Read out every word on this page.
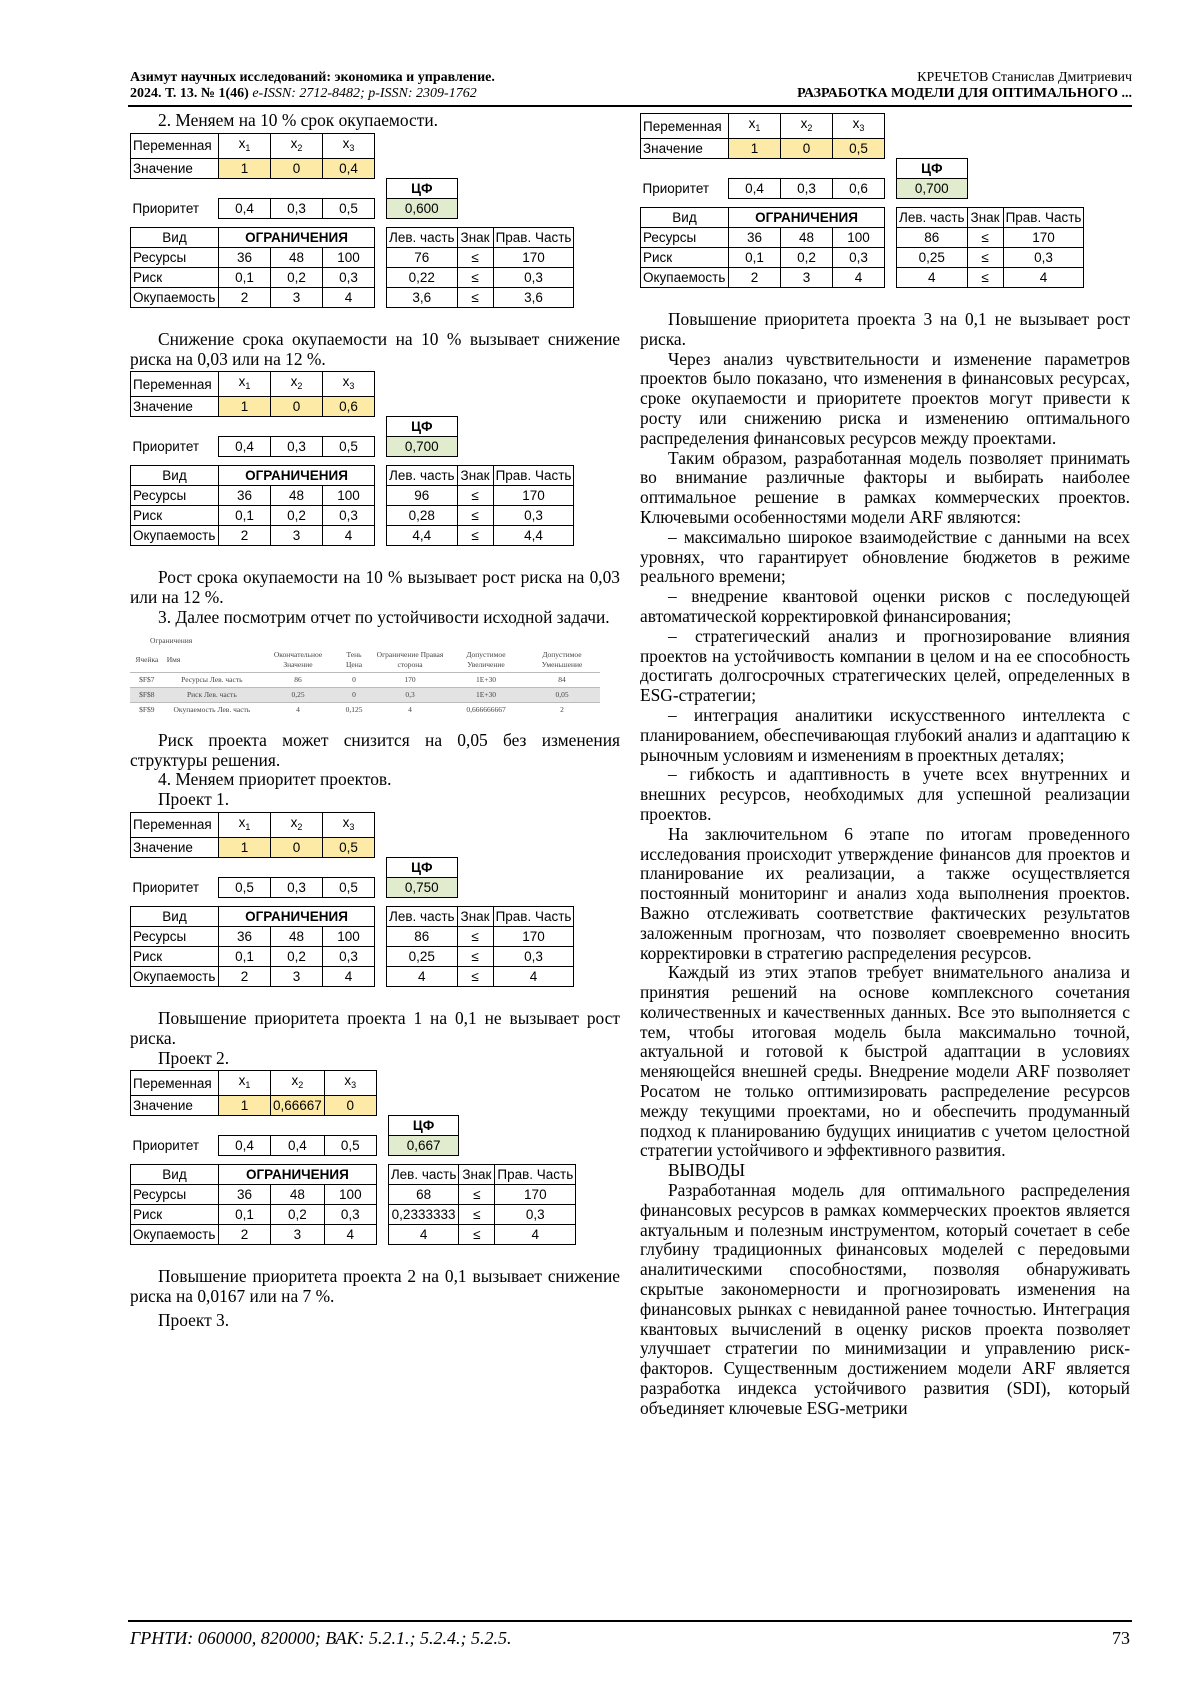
Азимут научных исследований: экономика и управление.
2024. Т. 13. № 1(46) e-ISSN: 2712-8482; p-ISSN: 2309-1762
КРЕЧЕТОВ Станислав Дмитриевич
РАЗРАБОТКА МОДЕЛИ ДЛЯ ОПТИМАЛЬНОГО ...

2. Меняем на 10 % срок окупаемости.

Переменная	$x_1$	$x_2$	$x_3$				
Значение	1	0	0,4				
					ЦФ		
Приоритет	0,4	0,3	0,5		0,600		

Вид	ОГРАНИЧЕНИЯ				Лев. часть	Знак	Прав. Часть
Ресурсы	36	48	100		76	≤	170
Риск	0,1	0,2	0,3		0,22	≤	0,3
Окупаемость	2	3	4		3,6	≤	3,6

Снижение срока окупаемости на 10 % вызывает снижение риска на 0,03 или на 12 %.

Переменная	$x_1$	$x_2$	$x_3$				
Значение	1	0	0,6				
					ЦФ		
Приоритет	0,4	0,3	0,5		0,700		

Вид	ОГРАНИЧЕНИЯ				Лев. часть	Знак	Прав. Часть
Ресурсы	36	48	100		96	≤	170
Риск	0,1	0,2	0,3		0,28	≤	0,3
Окупаемость	2	3	4		4,4	≤	4,4

Рост срока окупаемости на 10 % вызывает рост риска на 0,03 или на 12 %.

3. Далее посмотрим отчет по устойчивости исходной задачи.

Ограничения						
Ячейка	Имя	Окончательное Значение	Тень Цена	Ограничение Правая сторона	Допустимое Увеличение	Допустимое Уменьшение
$F$7	Ресурсы Лев. часть	86	0	170	1E+30	84
$F$8	Риск Лев. часть	0,25	0	0,3	1E+30	0,05
$F$9	Окупаемость Лев. часть	4	0,125	4	0,666666667	2

Риск проекта может снизится на 0,05 без изменения структуры решения.

4. Меняем приоритет проектов.

Проект 1.

Переменная	$x_1$	$x_2$	$x_3$				
Значение	1	0	0,5				
					ЦФ		
Приоритет	0,5	0,3	0,5		0,750		

Вид	ОГРАНИЧЕНИЯ				Лев. часть	Знак	Прав. Часть
Ресурсы	36	48	100		86	≤	170
Риск	0,1	0,2	0,3		0,25	≤	0,3
Окупаемость	2	3	4		4	≤	4

Повышение приоритета проекта 1 на 0,1 не вызывает рост риска.

Проект 2.

Переменная	$x_1$	$x_2$	$x_3$				
Значение	1	0,66667	0				
					ЦФ		
Приоритет	0,4	0,4	0,5		0,667		

Вид	ОГРАНИЧЕНИЯ				Лев. часть	Знак	Прав. Часть
Ресурсы	36	48	100		68	≤	170
Риск	0,1	0,2	0,3		0,2333333	≤	0,3
Окупаемость	2	3	4		4	≤	4

Повышение приоритета проекта 2 на 0,1 вызывает снижение риска на 0,0167 или на 7 %.

Проект 3.

Переменная	$x_1$	$x_2$	$x_3$				
Значение	1	0	0,5				
					ЦФ		
Приоритет	0,4	0,3	0,6		0,700		

Вид	ОГРАНИЧЕНИЯ				Лев. часть	Знак	Прав. Часть
Ресурсы	36	48	100		86	≤	170
Риск	0,1	0,2	0,3		0,25	≤	0,3
Окупаемость	2	3	4		4	≤	4

Повышение приоритета проекта 3 на 0,1 не вызывает рост риска.

Через анализ чувствительности и изменение параметров проектов было показано, что изменения в финансовых ресурсах, сроке окупаемости и приоритете проектов могут привести к росту или снижению риска и изменению оптимального распределения финансовых ресурсов между проектами.

Таким образом, разработанная модель позволяет принимать во внимание различные факторы и выбирать наиболее оптимальное решение в рамках коммерческих проектов. Ключевыми особенностями модели ARF являются:

– максимально широкое взаимодействие с данными на всех уровнях, что гарантирует обновление бюджетов в режиме реального времени;

– внедрение квантовой оценки рисков с последующей автоматической корректировкой финансирования;

– стратегический анализ и прогнозирование влияния проектов на устойчивость компании в целом и на ее способность достигать долгосрочных стратегических целей, определенных в ESG-стратегии;

– интеграция аналитики искусственного интеллекта с планированием, обеспечивающая глубокий анализ и адаптацию к рыночным условиям и изменениям в проектных деталях;

– гибкость и адаптивность в учете всех внутренних и внешних ресурсов, необходимых для успешной реализации проектов.

На заключительном 6 этапе по итогам проведенного исследования происходит утверждение финансов для проектов и планирование их реализации, а также осуществляется постоянный мониторинг и анализ хода выполнения проектов. Важно отслеживать соответствие фактических результатов заложенным прогнозам, что позволяет своевременно вносить корректировки в стратегию распределения ресурсов.

Каждый из этих этапов требует внимательного анализа и принятия решений на основе комплексного сочетания количественных и качественных данных. Все это выполняется с тем, чтобы итоговая модель была максимально точной, актуальной и готовой к быстрой адаптации в условиях меняющейся внешней среды. Внедрение модели ARF позволяет Росатом не только оптимизировать распределение ресурсов между текущими проектами, но и обеспечить продуманный подход к планированию будущих инициатив с учетом целостной стратегии устойчивого и эффективного развития.

ВЫВОДЫ

Разработанная модель для оптимального распределения финансовых ресурсов в рамках коммерческих проектов является актуальным и полезным инструментом, который сочетает в себе глубину традиционных финансовых моделей с передовыми аналитическими способностями, позволяя обнаруживать скрытые закономерности и прогнозировать изменения на финансовых рынках с невиданной ранее точностью. Интеграция квантовых вычислений в оценку рисков проекта позволяет улучшает стратегии по минимизации и управлению риск-факторов. Существенным достижением модели ARF является разработка индекса устойчивого развития (SDI), который объединяет ключевые ESG-метрики

ГРНТИ: 060000, 820000; ВАК: 5.2.1.; 5.2.4.; 5.2.5.	73
